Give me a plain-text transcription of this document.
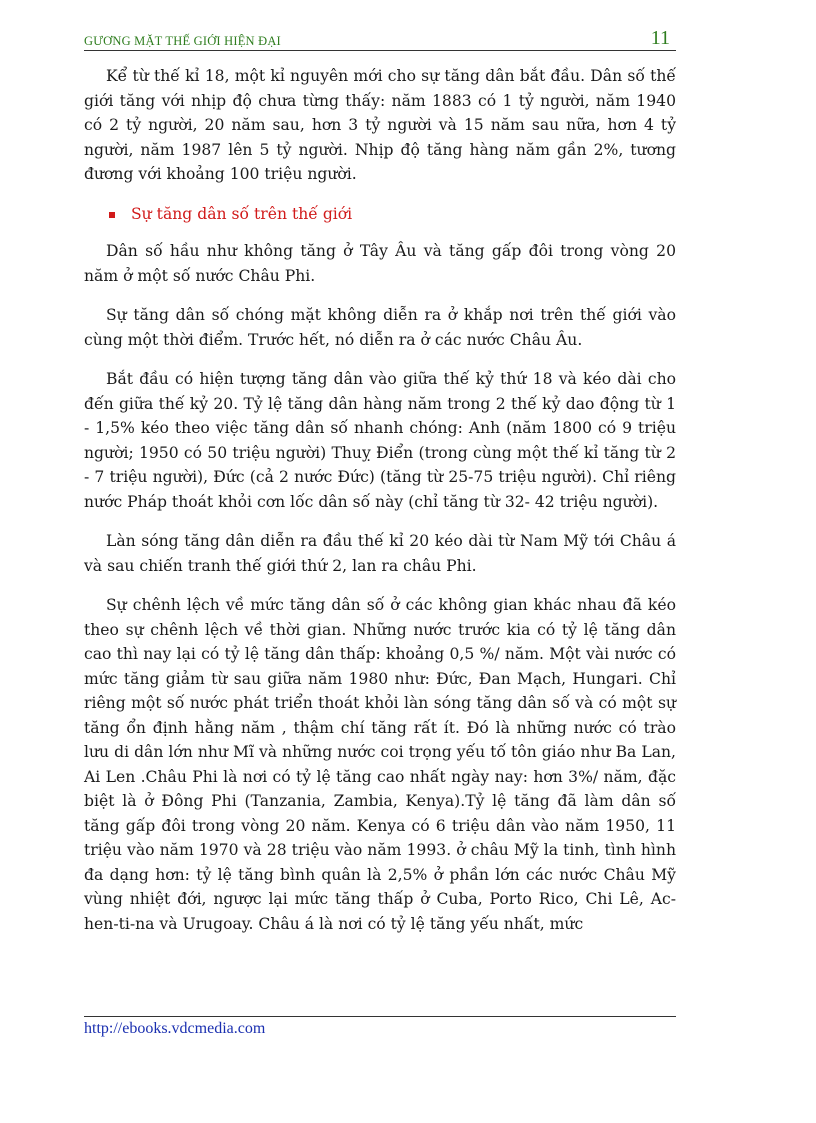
GƯƠNG MẶT THẾ GIỚI HIỆN ĐẠI	11

Kể từ thế kỉ 18, một kỉ nguyên mới cho sự tăng dân bắt đầu. Dân số thế giới tăng với nhịp độ chưa từng thấy: năm 1883 có 1 tỷ người, năm 1940 có 2 tỷ người, 20 năm sau, hơn 3 tỷ người và 15 năm sau nữa, hơn 4 tỷ người, năm 1987 lên 5 tỷ người. Nhịp độ tăng hàng năm gần 2%, tương đương với khoảng 100 triệu người.

Sự tăng dân số trên thế giới

Dân số hầu như không tăng ở Tây Âu và tăng gấp đôi trong vòng 20 năm ở một số nước Châu Phi.

Sự tăng dân số chóng mặt không diễn ra ở khắp nơi trên thế giới vào cùng một thời điểm. Trước hết, nó diễn ra ở các nước Châu Âu.

Bắt đầu có hiện tượng tăng dân vào giữa thế kỷ thứ 18 và kéo dài cho đến giữa thế kỷ 20. Tỷ lệ tăng dân hàng năm trong 2 thế kỷ dao động từ 1 - 1,5% kéo theo việc tăng dân số nhanh chóng: Anh (năm 1800 có 9 triệu người; 1950 có 50 triệu người) Thuỵ Điển (trong cùng một thế kỉ tăng từ 2 - 7 triệu người), Đức (cả 2 nước Đức) (tăng từ 25-75 triệu người). Chỉ riêng nước Pháp thoát khỏi cơn lốc dân số này (chỉ tăng từ 32- 42 triệu người).

Làn sóng tăng dân diễn ra đầu thế kỉ 20 kéo dài từ Nam Mỹ tới Châu á và sau chiến tranh thế giới thứ 2, lan ra châu Phi.

Sự chênh lệch về mức tăng dân số ở các không gian khác nhau đã kéo theo sự chênh lệch về thời gian. Những nước trước kia có tỷ lệ tăng dân cao thì nay lại có tỷ lệ tăng dân thấp: khoảng 0,5 %/ năm. Một vài nước có mức tăng giảm từ sau giữa năm 1980 như: Đức, Đan Mạch, Hungari. Chỉ riêng một số nước phát triển thoát khỏi làn sóng tăng dân số và có một sự tăng ổn định hằng năm , thậm chí tăng rất ít. Đó là những nước có trào lưu di dân lớn như Mĩ và những nước coi trọng yếu tố tôn giáo như Ba Lan, Ai Len .Châu Phi là nơi có tỷ lệ tăng cao nhất ngày nay: hơn 3%/ năm, đặc biệt là ở Đông Phi (Tanzania, Zambia, Kenya).Tỷ lệ tăng đã làm dân số tăng gấp đôi trong vòng 20 năm. Kenya có 6 triệu dân vào năm 1950, 11 triệu vào năm 1970 và 28 triệu vào năm 1993. ở châu Mỹ la tinh, tình hình đa dạng hơn: tỷ lệ tăng bình quân là 2,5% ở phần lớn các nước Châu Mỹ vùng nhiệt đới, ngược lại mức tăng thấp ở Cuba, Porto Rico, Chi Lê, Ac-hen-ti-na và Urugoay. Châu á là nơi có tỷ lệ tăng yếu nhất, mức

http://ebooks.vdcmedia.com
